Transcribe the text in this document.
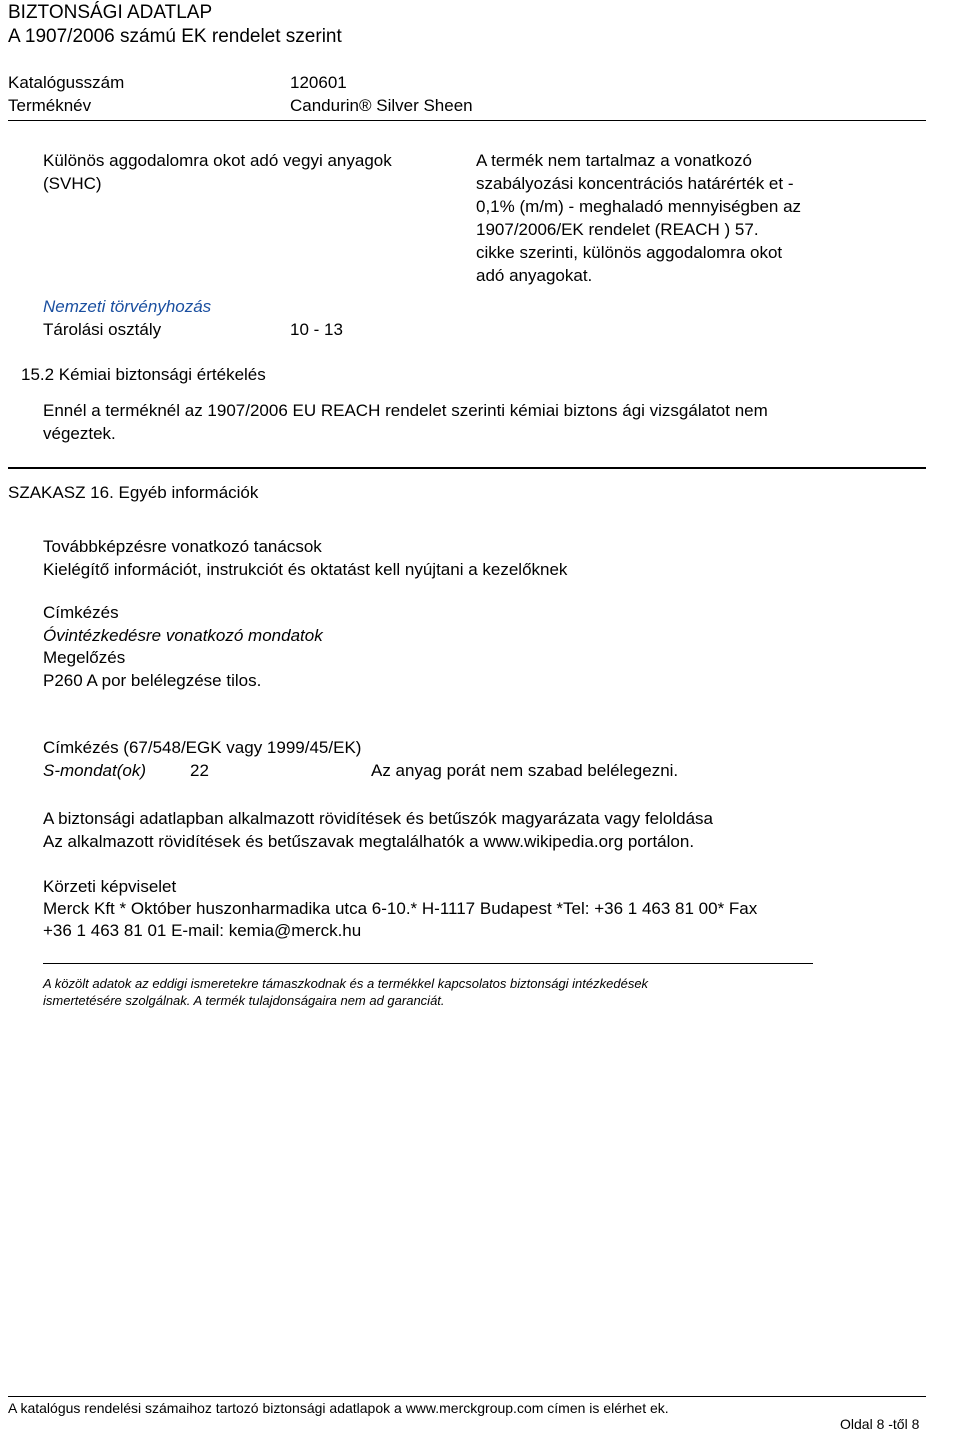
BIZTONSÁGI ADATLAP
A 1907/2006 számú EK rendelet szerint
Katalógusszám	120601
Terméknév	Candurin® Silver Sheen
Különös aggodalomra okot adó vegyi anyagok
(SVHC)
A termék nem tartalmaz a vonatkozó
szabályozási koncentrációs határérték et -
0,1% (m/m) - meghaladó mennyiségben az
1907/2006/EK rendelet (REACH ) 57.
cikke szerinti, különös aggodalomra okot
adó anyagokat.
Nemzeti törvényhozás
Tárolási osztály	10 - 13
15.2 Kémiai biztonsági értékelés
Ennél a terméknél az 1907/2006 EU REACH rendelet szerinti kémiai biztons ági vizsgálatot nem
végeztek.
SZAKASZ 16. Egyéb információk
Továbbképzésre vonatkozó tanácsok
Kielégítő információt, instrukciót és oktatást kell nyújtani a kezelőknek
Címkézés
Óvintézkedésre vonatkozó mondatok
Megelőzés
P260 A por belélegzése tilos.
Címkézés (67/548/EGK vagy 1999/45/EK)
S-mondat(ok)	22	Az anyag porát nem szabad belélegezni.
A biztonsági adatlapban alkalmazott rövidítések és betűszók magyarázata vagy feloldása
Az alkalmazott rövidítések és betűszavak megtalálhatók a www.wikipedia.org portálon.
Körzeti képviselet
Merck Kft * Október huszonharmadika utca 6-10.* H-1117 Budapest *Tel: +36 1 463 81 00* Fax
+36 1 463 81 01 E-mail: kemia@merck.hu
A közölt adatok az eddigi ismeretekre támaszkodnak és a termékkel kapcsolatos biztonsági intézkedések
ismertetésére szolgálnak. A termék tulajdonságaira nem ad garanciát.
A katalógus rendelési számaihoz tartozó biztonsági adatlapok a www.merckgroup.com címen is elérhet ek.
Oldal 8 -től 8
